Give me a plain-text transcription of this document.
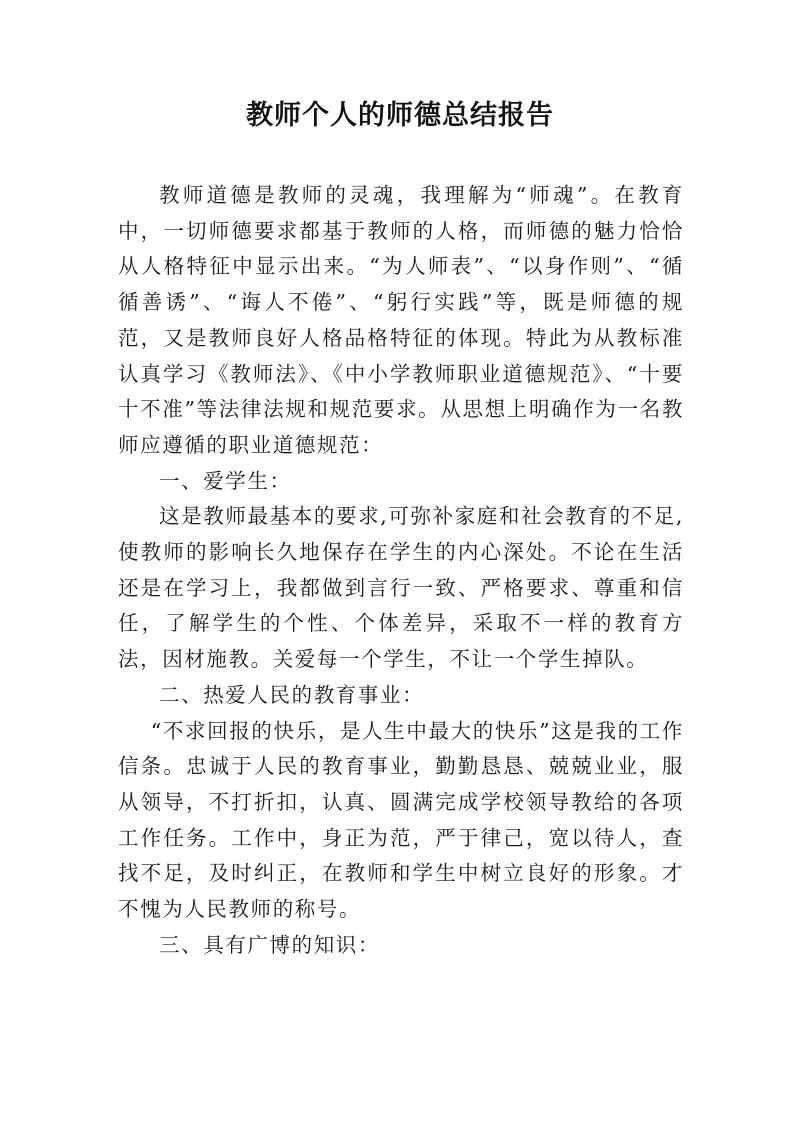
教师个人的师德总结报告

教师道德是教师的灵魂，我理解为“师魂”。在教育中，一切师德要求都基于教师的人格，而师德的魅力恰恰从人格特征中显示出来。“为人师表”、“以身作则”、“循循善诱”、“诲人不倦”、“躬行实践”等，既是师德的规范，又是教师良好人格品格特征的体现。特此为从教标准认真学习《教师法》、《中小学教师职业道德规范》、“十要十不准”等法律法规和规范要求。从思想上明确作为一名教师应遵循的职业道德规范：

一、爱学生：

这是教师最基本的要求,可弥补家庭和社会教育的不足,使教师的影响长久地保存在学生的内心深处。不论在生活还是在学习上，我都做到言行一致、严格要求、尊重和信任，了解学生的个性、个体差异，采取不一样的教育方法，因材施教。关爱每一个学生，不让一个学生掉队。

二、热爱人民的教育事业：

“不求回报的快乐，是人生中最大的快乐”这是我的工作信条。忠诚于人民的教育事业，勤勤恳恳、兢兢业业，服从领导，不打折扣，认真、圆满完成学校领导教给的各项工作任务。工作中，身正为范，严于律己，宽以待人，查找不足，及时纠正，在教师和学生中树立良好的形象。才不愧为人民教师的称号。

三、具有广博的知识：
